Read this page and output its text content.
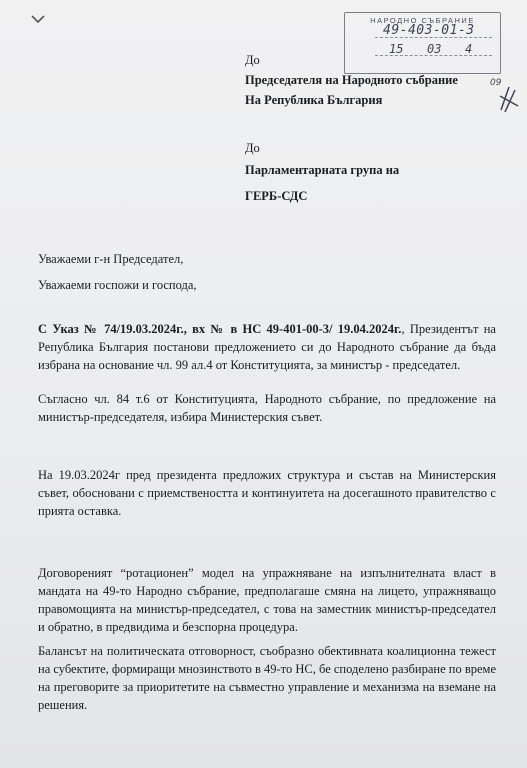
НАРОДНО СЪБРАНИЕ
49-403-01-3
15 03 4
09
До
Председателя на Народното събрание
На Република България
До
Парламентарната група на
ГЕРБ-СДС
Уважаеми г-н Председател,
Уважаеми госпожи и господа,
С Указ № 74/19.03.2024г., вх № в НС 49-401-00-3/ 19.04.2024г., Президентът на Република България постанови предложението си до Народното събрание да бъда избрана на основание чл. 99 ал.4 от Конституцията, за министър - председател.
Съгласно чл. 84 т.6 от Конституцията, Народното събрание, по предложение на министър-председателя, избира Министерския съвет.
На 19.03.2024г пред президента предложих структура и състав на Министерския съвет, обосновани с приемствеността и континуитета на досегашното правителство с прията оставка.
Договореният “ротационен” модел на упражняване на изпълнителната власт в мандата на 49-то Народно събрание, предполагаше смяна на лицето, упражняващо правомощията на министър-председател, с това на заместник министър-председател и обратно, в предвидима и безспорна процедура.
Балансът на политическата отговорност, съобразно обективната коалиционна тежест на субектите, формиращи мнозинството в 49-то НС, бе споделено разбиране по време на преговорите за приоритетите на съвместно управление и механизма на вземане на решения.
